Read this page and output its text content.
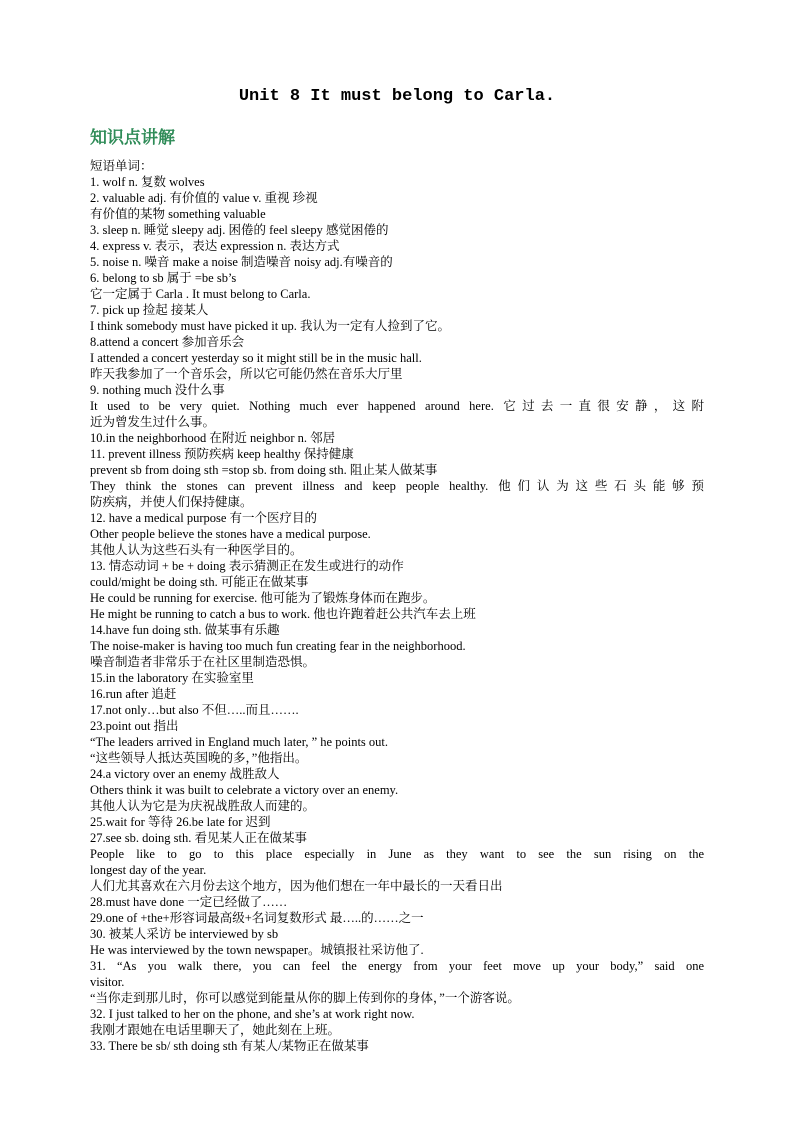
Unit 8 It must belong to Carla.
知识点讲解
短语单词：
1. wolf n. 复数 wolves
2. valuable adj. 有价值的 value v. 重视 珍视
有价值的某物 something valuable
3. sleep n. 睡觉 sleepy adj. 困倦的 feel sleepy 感觉困倦的
4. express v. 表示，表达 expression n. 表达方式
5. noise n. 噪音 make a noise 制造噪音 noisy adj.有噪音的
6. belong to sb 属于 =be sb’s
它一定属于 Carla . It must belong to Carla.
7. pick up 捡起 接某人
I think somebody must have picked it up. 我认为一定有人捡到了它。
8.attend a concert 参加音乐会
I attended a concert yesterday so it might still be in the music hall.
昨天我参加了一个音乐会，所以它可能仍然在音乐大厅里
9. nothing much 没什么事
It used to be very quiet. Nothing much ever happened around here. 它过去一直很安静，这附
近为曾发生过什么事。
10.in the neighborhood 在附近 neighbor n. 邻居
11. prevent illness 预防疾病 keep healthy 保持健康
prevent sb from doing sth =stop sb. from doing sth. 阻止某人做某事
They think the stones can prevent illness and keep people healthy. 他们认为这些石头能够预
防疾病，并使人们保持健康。
12. have a medical purpose 有一个医疗目的
Other people believe the stones have a medical purpose.
其他人认为这些石头有一种医学目的。
13. 情态动词 + be + doing 表示猜测正在发生或进行的动作
could/might be doing sth. 可能正在做某事
He could be running for exercise. 他可能为了锻炼身体而在跑步。
He might be running to catch a bus to work. 他也许跑着赶公共汽车去上班
14.have fun doing sth. 做某事有乐趣
The noise-maker is having too much fun creating fear in the neighborhood.
噪音制造者非常乐于在社区里制造恐惧。
15.in the laboratory 在实验室里
16.run after 追赶
17.not only…but also 不但…..而且…….
23.point out 指出
“The leaders arrived in England much later, ” he points out.
“这些领导人抵达英国晚的多，”他指出。
24.a victory over an enemy 战胜敌人
Others think it was built to celebrate a victory over an enemy.
其他人认为它是为庆祝战胜敌人而建的。
25.wait for 等待 26.be late for 迟到
27.see sb. doing sth. 看见某人正在做某事
People like to go to this place especially in June as they want to see the sun rising on the
longest day of the year.
人们尤其喜欢在六月份去这个地方，因为他们想在一年中最长的一天看日出
28.must have done 一定已经做了……
29.one of +the+形容词最高级+名词复数形式 最…..的……之一
30. 被某人采访 be interviewed by sb
He was interviewed by the town newspaper。城镇报社采访他了.
31. “As you walk there, you can feel the energy from your feet move up your body,” said one
visitor.
“当你走到那儿时，你可以感觉到能量从你的脚上传到你的身体，”一个游客说。
32. I just talked to her on the phone, and she’s at work right now.
我刚才跟她在电话里聊天了，她此刻在上班。
33. There be sb/ sth doing sth 有某人/某物正在做某事
